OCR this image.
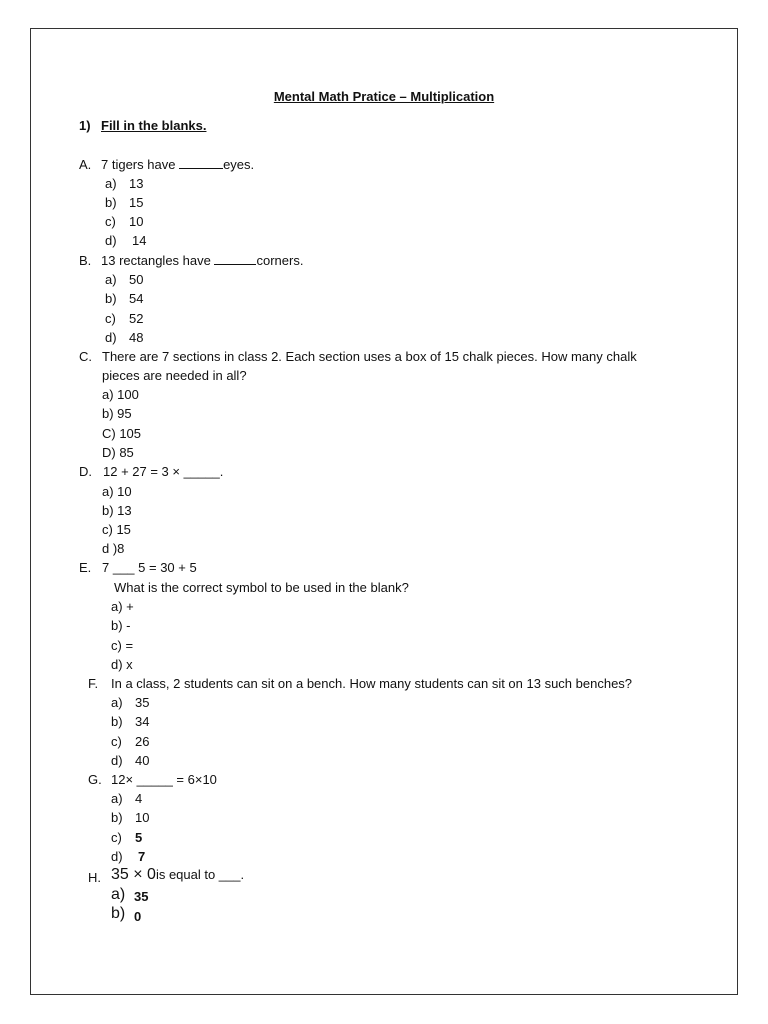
Mental Math Pratice – Multiplication
1) Fill in the blanks.
A. 7 tigers have	eyes.
a) 13
b) 15
c) 10
d) 14
B. 13 rectangles have	corners.
a) 50
b) 54
c) 52
d) 48
C. There are 7 sections in class 2. Each section uses a box of 15 chalk pieces. How many chalk
pieces are needed in all?
a) 100
b) 95
C) 105
D) 85
D. 12 + 27 = 3 × _____.
a) 10
b) 13
c) 15
d )8
E. 7 ___ 5 = 30 + 5
What is the correct symbol to be used in the blank?
a) +
b) -
c) =
d) x
F. In a class, 2 students can sit on a bench. How many students can sit on 13 such benches?
a) 35
b) 34
c) 26
d) 40
G. 12× _____ = 6×10
a) 4
b) 10
c) 5
d) 7
H. 35 × 0is equal to ___.
a) 35
b) 0
